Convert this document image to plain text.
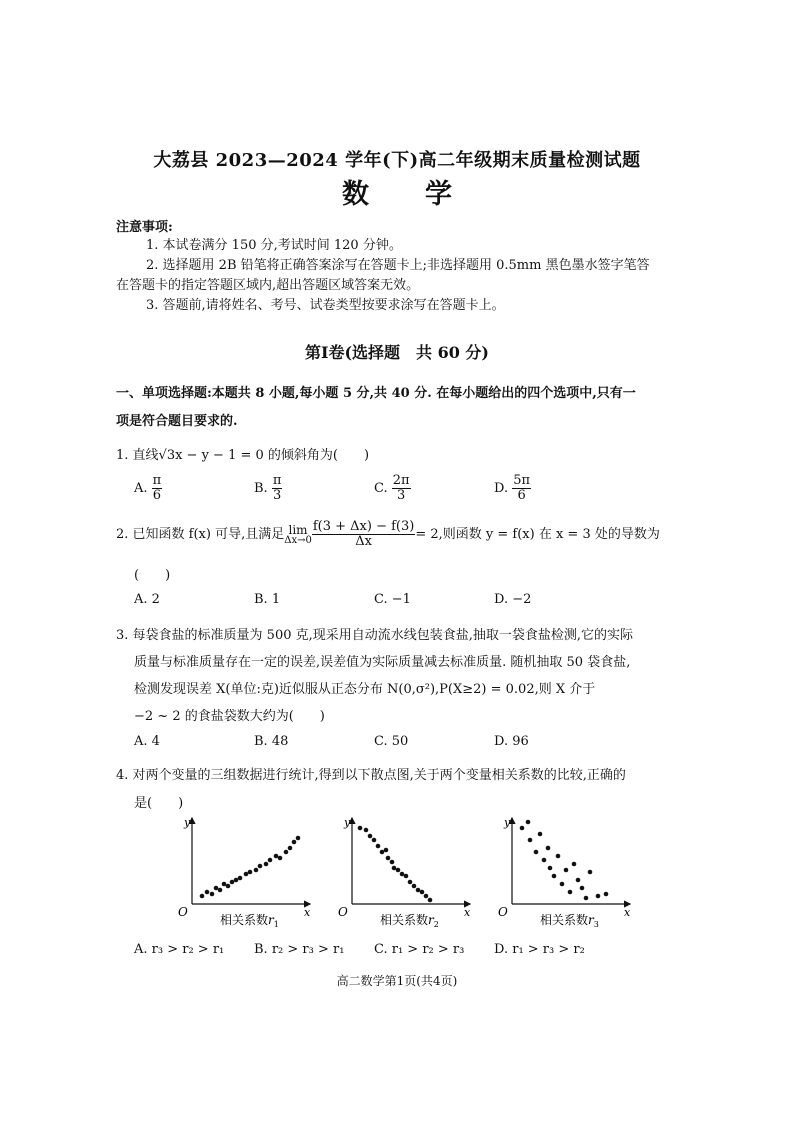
大荔县 2023—2024 学年(下)高二年级期末质量检测试题
数 学
注意事项:
1. 本试卷满分 150 分,考试时间 120 分钟。
2. 选择题用 2B 铅笔将正确答案涂写在答题卡上;非选择题用 0.5mm 黑色墨水签字笔答
在答题卡的指定答题区域内,超出答题区域答案无效。
3. 答题前,请将姓名、考号、试卷类型按要求涂写在答题卡上。
第Ⅰ卷(选择题　共 60 分)
一、单项选择题:本题共 8 小题,每小题 5 分,共 40 分. 在每小题给出的四个选项中,只有一
项是符合题目要求的.
1. 直线√3x − y − 1 = 0 的倾斜角为(　　)
A. $\frac{\pi}{6}$	B. $\frac{\pi}{3}$	C. $\frac{2\pi}{3}$	D. $\frac{5\pi}{6}$
2. 已知函数 f(x) 可导,且满足 lim
$\Delta x\to 0 \frac{f(3 + \Delta x) - f(3)}{\Delta x} = 2$,则函数 y = f(x) 在 x = 3 处的导数为
(　　)
A. 2	B. 1	C. −1	D. −2
3. 每袋食盐的标准质量为 500 克,现采用自动流水线包装食盐,抽取一袋食盐检测,它的实际
质量与标准质量存在一定的误差,误差值为实际质量减去标准质量. 随机抽取 50 袋食盐,
检测发现误差 X(单位:克)近似服从正态分布 N(0,σ²),P(X≥2) = 0.02,则 X 介于
−2 ~ 2 的食盐袋数大约为(　　)
A. 4	B. 48	C. 50	D. 96
4. 对两个变量的三组数据进行统计,得到以下散点图,关于两个变量相关系数的比较,正确的
是(　　)
y
x
O
相关系数$r_1$
y
x
O
相关系数$r_2$
y
x
O
相关系数$r_3$
A. r₃ > r₂ > r₁ B. r₂ > r₃ > r₁ C. r₁ > r₂ > r₃ D. r₁ > r₃ > r₂
高二数学第1页(共4页)
